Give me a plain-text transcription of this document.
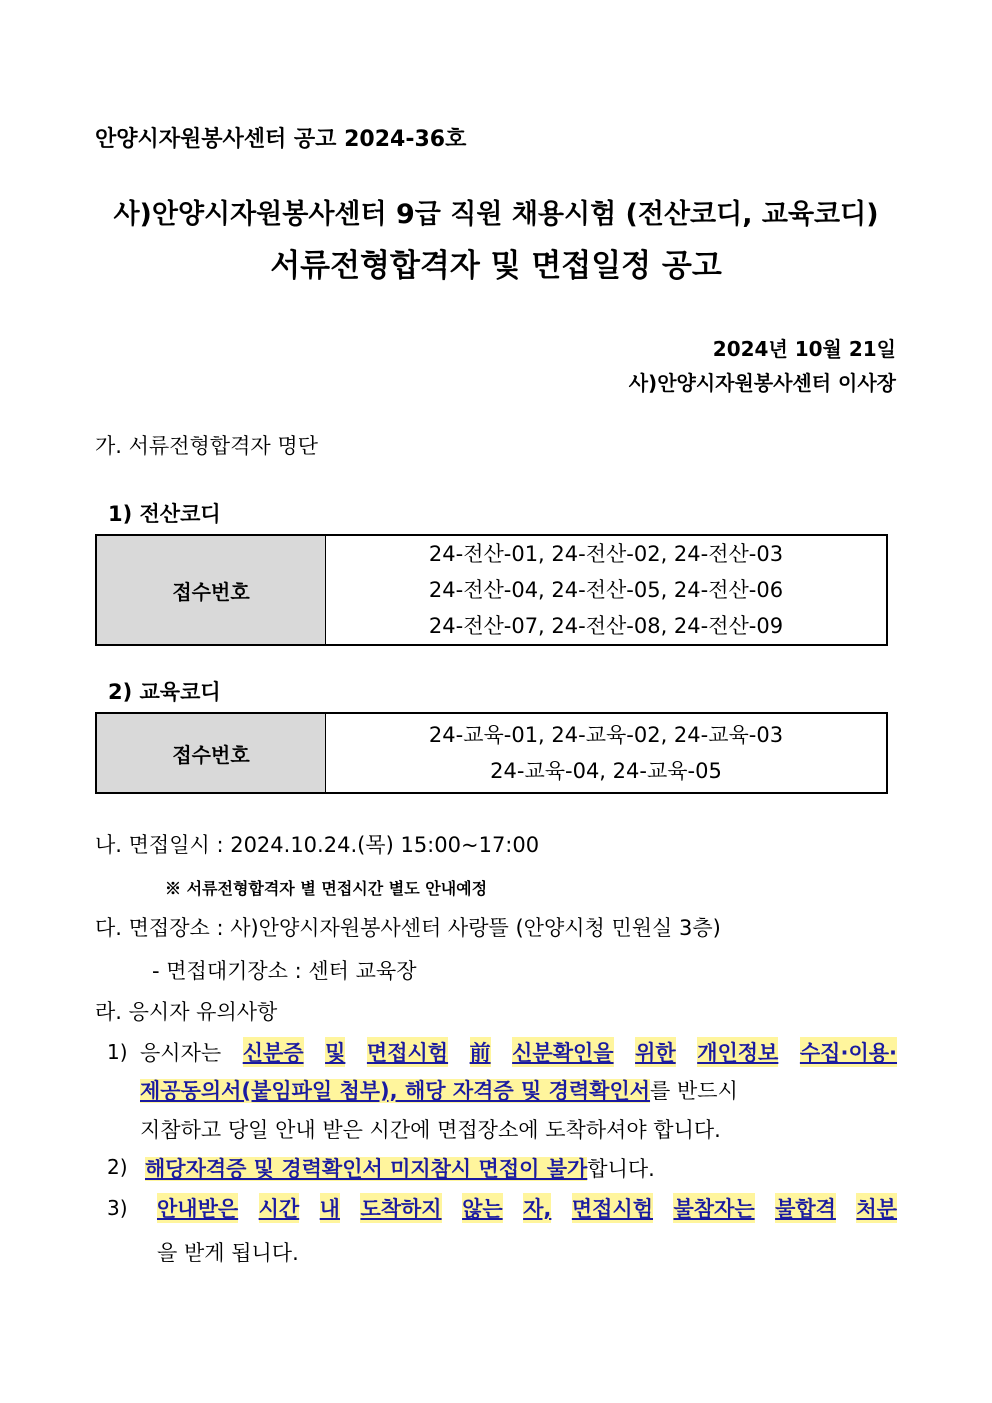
안양시자원봉사센터 공고 2024-36호
사)안양시자원봉사센터 9급 직원 채용시험 (전산코디, 교육코디)
서류전형합격자 및 면접일정 공고
2024년 10월 21일
사)안양시자원봉사센터 이사장
가. 서류전형합격자 명단
1) 전산코디
접수번호	
24-전산-01, 24-전산-02, 24-전산-03
24-전산-04, 24-전산-05, 24-전산-06
24-전산-07, 24-전산-08, 24-전산-09
2) 교육코디
접수번호	
24-교육-01, 24-교육-02, 24-교육-03
24-교육-04, 24-교육-05
나. 면접일시 : 2024.10.24.(목) 15:00~17:00
※ 서류전형합격자 별 면접시간 별도 안내예정
다. 면접장소 : 사)안양시자원봉사센터 사랑뜰 (안양시청 민원실 3층)
- 면접대기장소 : 센터 교육장
라. 응시자 유의사항
1) 응시자는 신분증 및 면접시험 前 신분확인을 위한 개인정보 수집·이용·
제공동의서(붙임파일 첨부), 해당 자격증 및 경력확인서를 반드시
지참하고 당일 안내 받은 시간에 면접장소에 도착하셔야 합니다.
2) 해당자격증 및 경력확인서 미지참시 면접이 불가합니다.
3) 안내받은 시간 내 도착하지 않는 자, 면접시험 불참자는 불합격 처분
을 받게 됩니다.
